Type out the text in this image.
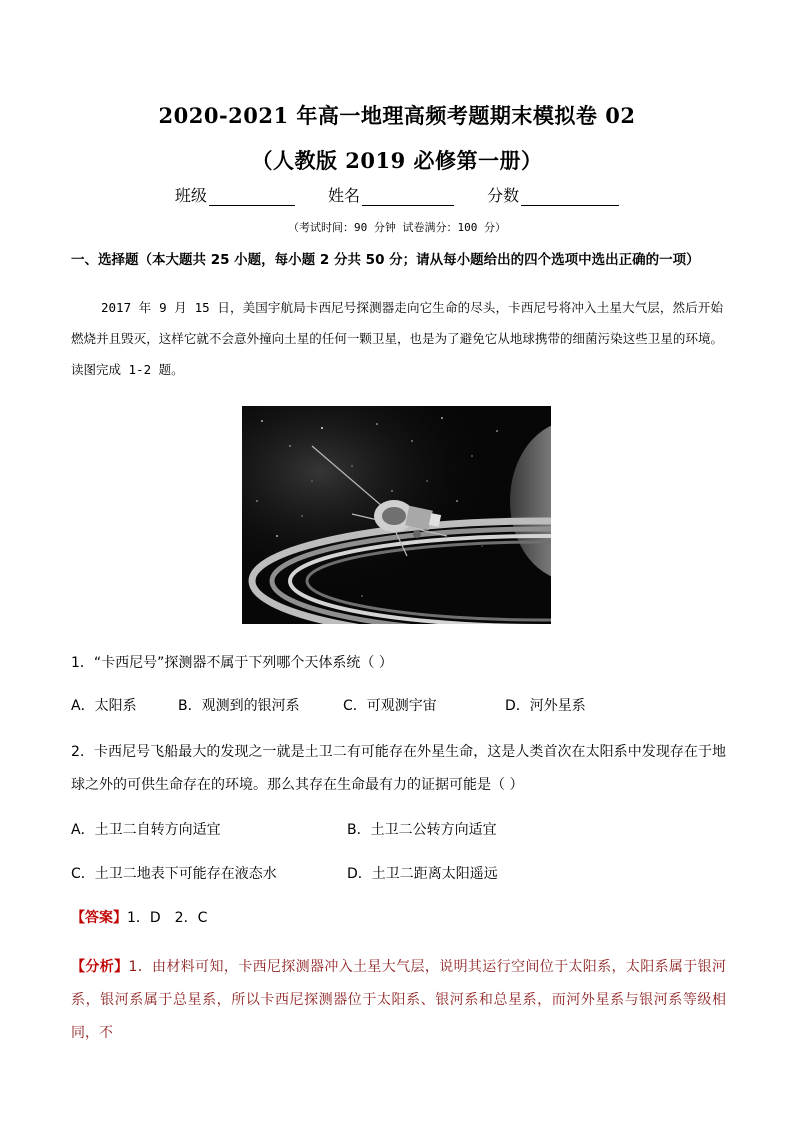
2020-2021 年高一地理高频考题期末模拟卷 02
（人教版 2019 必修第一册）
班级	姓名	分数
（考试时间：90 分钟 试卷满分：100 分）
一、选择题（本大题共 25 小题，每小题 2 分共 50 分；请从每小题给出的四个选项中选出正确的一项）
2017 年 9 月 15 日，美国宇航局卡西尼号探测器走向它生命的尽头，卡西尼号将冲入土星大气层，然后开始燃烧并且毁灭，这样它就不会意外撞向土星的任何一颗卫星，也是为了避免它从地球携带的细菌污染这些卫星的环境。读图完成 1-2 题。
1．“卡西尼号”探测器不属于下列哪个天体系统（ ）
A．太阳系	B．观测到的银河系	C．可观测宇宙	D．河外星系
2．卡西尼号飞船最大的发现之一就是土卫二有可能存在外星生命，这是人类首次在太阳系中发现存在于地球之外的可供生命存在的环境。那么其存在生命最有力的证据可能是（ ）
A．土卫二自转方向适宜	B．土卫二公转方向适宜
C．土卫二地表下可能存在液态水	D．土卫二距离太阳遥远
【答案】1．D　2．C
【分析】1．由材料可知，卡西尼探测器冲入土星大气层，说明其运行空间位于太阳系，太阳系属于银河系，银河系属于总星系，所以卡西尼探测器位于太阳系、银河系和总星系，而河外星系与银河系等级相同，不
